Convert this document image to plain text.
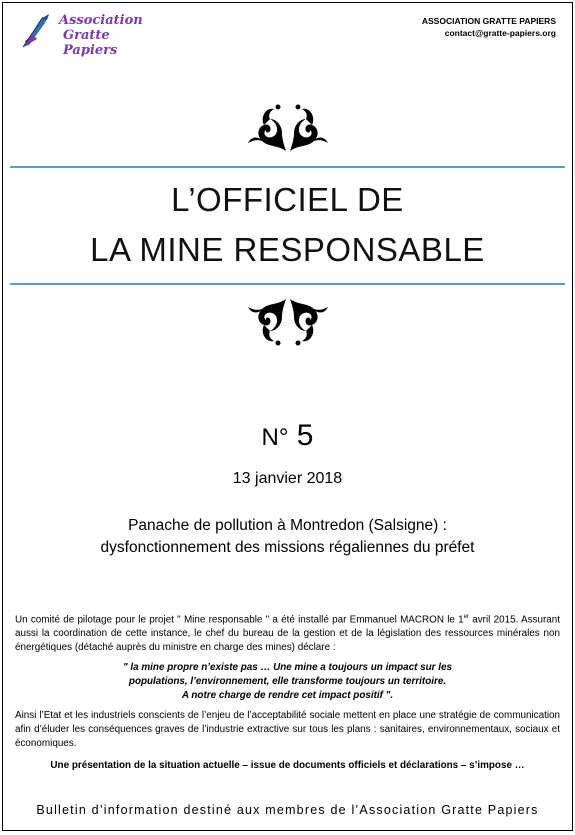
Association
Gratte Papiers
ASSOCIATION GRATTE PAPIERS
contact@gratte-papiers.org
L’OFFICIEL DE
LA MINE RESPONSABLE
N° 5
13 janvier 2018
Panache de pollution à Montredon (Salsigne) :
dysfonctionnement des missions régaliennes du préfet

Un comité de pilotage pour le projet " Mine responsable " a été installé par Emmanuel MACRON le 1er avril 2015. Assurant aussi la coordination de cette instance, le chef du bureau de la gestion et de la législation des ressources minérales non énergétiques (détaché auprès du ministre en charge des mines) déclare :

" la mine propre n’existe pas … Une mine a toujours un impact sur les
populations, l’environnement, elle transforme toujours un territoire.
A notre charge de rendre cet impact positif ".

Ainsi l’Etat et les industriels conscients de l’enjeu de l’acceptabilité sociale mettent en place une stratégie de communication afin d’éluder les conséquences graves de l’industrie extractive sur tous les plans : sanitaires, environnementaux, sociaux et économiques.

Une présentation de la situation actuelle – issue de documents officiels et déclarations – s’impose …

Bulletin d’information destiné aux membres de l’Association Gratte Papiers
